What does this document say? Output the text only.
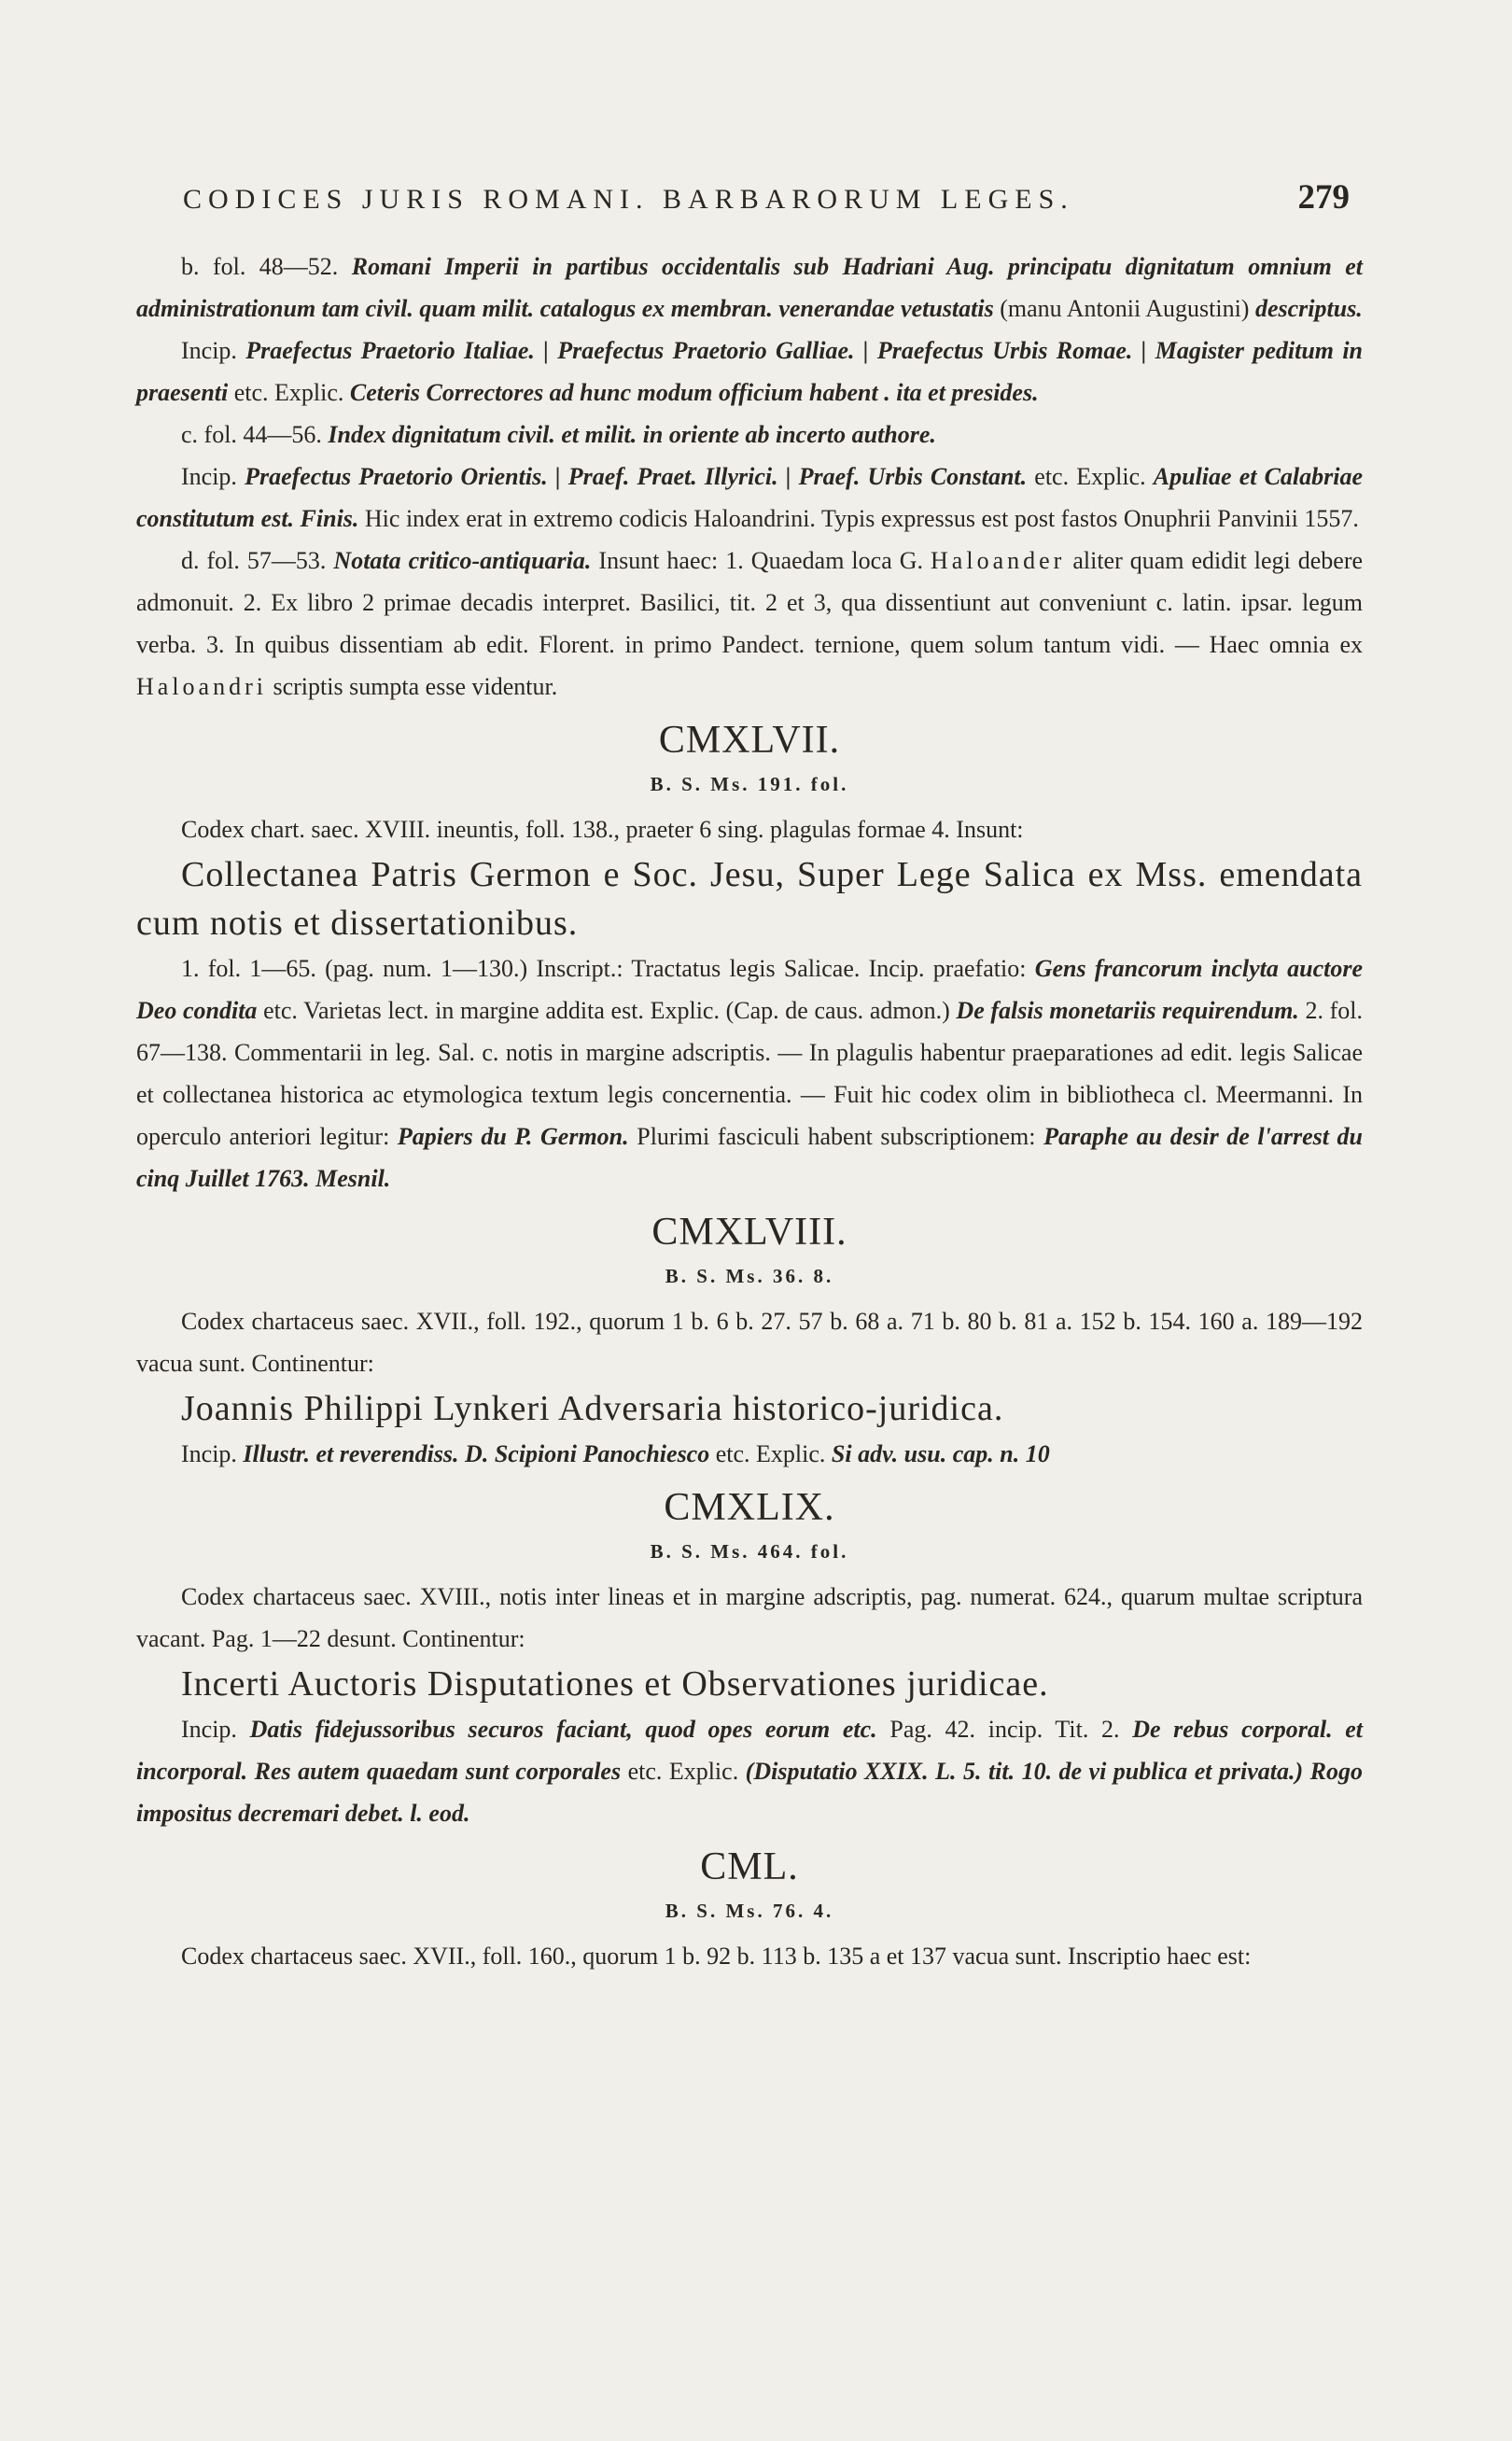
CODICES JURIS ROMANI. BARBARORUM LEGES.	279

b. fol. 48—52. Romani Imperii in partibus occidentalis sub Hadriani Aug. principatu dignitatum omnium et administrationum tam civil. quam milit. catalogus ex membran. venerandae vetustatis (manu Antonii Augustini) descriptus.

Incip. Praefectus Praetorio Italiae. | Praefectus Praetorio Galliae. | Praefectus Urbis Romae. | Magister peditum in praesenti etc. Explic. Ceteris Correctores ad hunc modum officium habent . ita et presides.

c. fol. 44—56. Index dignitatum civil. et milit. in oriente ab incerto authore.

Incip. Praefectus Praetorio Orientis. | Praef. Praet. Illyrici. | Praef. Urbis Constant. etc. Explic. Apuliae et Calabriae constitutum est. Finis. Hic index erat in extremo codicis Haloandrini. Typis expressus est post fastos Onuphrii Panvinii 1557.

d. fol. 57—53. Notata critico-antiquaria. Insunt haec: 1. Quaedam loca G. Haloander aliter quam edidit legi debere admonuit. 2. Ex libro 2 primae decadis interpret. Basilici, tit. 2 et 3, qua dissentiunt aut conveniunt c. latin. ipsar. legum verba. 3. In quibus dissentiam ab edit. Florent. in primo Pandect. ternione, quem solum tantum vidi. — Haec omnia ex Haloandri scriptis sumpta esse videntur.

CMXLVII.
B. S. Ms. 191. fol.

Codex chart. saec. XVIII. ineuntis, foll. 138., praeter 6 sing. plagulas formae 4. Insunt:

Collectanea Patris Germon e Soc. Jesu, Super Lege Salica ex Mss. emendata cum notis et dissertationibus.

1. fol. 1—65. (pag. num. 1—130.) Inscript.: Tractatus legis Salicae. Incip. praefatio: Gens francorum inclyta auctore Deo condita etc. Varietas lect. in margine addita est. Explic. (Cap. de caus. admon.) De falsis monetariis requirendum. 2. fol. 67—138. Commentarii in leg. Sal. c. notis in margine adscriptis. — In plagulis habentur praeparationes ad edit. legis Salicae et collectanea historica ac etymologica textum legis concernentia. — Fuit hic codex olim in bibliotheca cl. Meermanni. In operculo anteriori legitur: Papiers du P. Germon. Plurimi fasciculi habent subscriptionem: Paraphe au desir de l'arrest du cinq Juillet 1763. Mesnil.

CMXLVIII.
B. S. Ms. 36. 8.

Codex chartaceus saec. XVII., foll. 192., quorum 1 b. 6 b. 27. 57 b. 68 a. 71 b. 80 b. 81 a. 152 b. 154. 160 a. 189—192 vacua sunt. Continentur:

Joannis Philippi Lynkeri Adversaria historico-juridica.

Incip. Illustr. et reverendiss. D. Scipioni Panochiesco etc. Explic. Si adv. usu. cap. n. 10

CMXLIX.
B. S. Ms. 464. fol.

Codex chartaceus saec. XVIII., notis inter lineas et in margine adscriptis, pag. numerat. 624., quarum multae scriptura vacant. Pag. 1—22 desunt. Continentur:

Incerti Auctoris Disputationes et Observationes juridicae.

Incip. Datis fidejussoribus securos faciant, quod opes eorum etc. Pag. 42. incip. Tit. 2. De rebus corporal. et incorporal. Res autem quaedam sunt corporales etc. Explic. (Disputatio XXIX. L. 5. tit. 10. de vi publica et privata.) Rogo impositus decremari debet. l. eod.

CML.
B. S. Ms. 76. 4.

Codex chartaceus saec. XVII., foll. 160., quorum 1 b. 92 b. 113 b. 135 a et 137 vacua sunt. Inscriptio haec est:
